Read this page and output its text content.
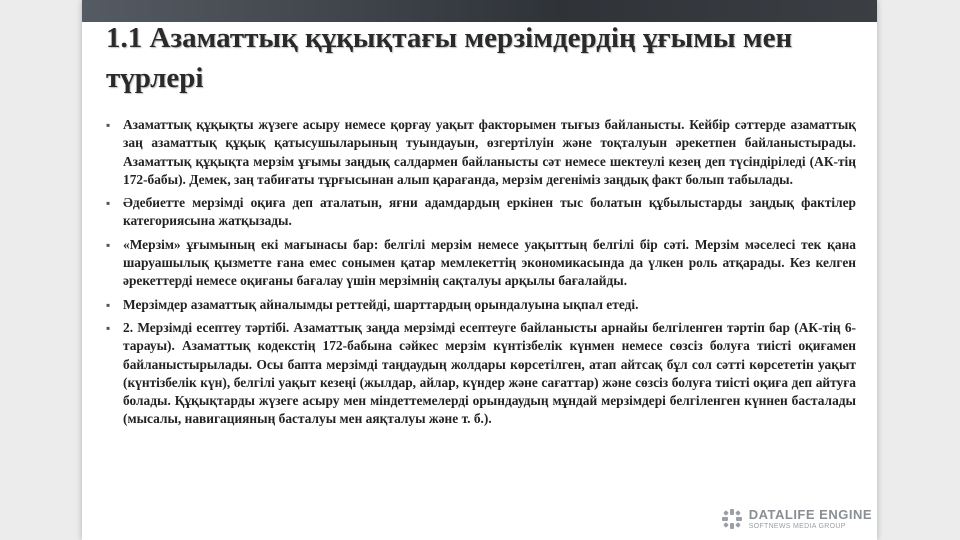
1.1 Азаматтық құқықтағы мерзімдердің ұғымы мен түрлері
▪ Азаматтық құқықты жүзеге асыру немесе қорғау уақыт факторымен тығыз байланысты. Кейбір сәттерде азаматтық заң азаматтық құқық қатысушыларының туындауын, өзгертілуін және тоқталуын әрекетпен байланыстырады. Азаматтық құқықта мерзім ұғымы заңдық салдармен байланысты сәт немесе шектеулі кезең деп түсіндіріледі (АК-тің 172-бабы). Демек, заң табиғаты тұрғысынан алып қарағанда, мерзім дегеніміз заңдық факт болып табылады.
▪ Әдебиетте мерзімді оқиға деп аталатын, яғни адамдардың еркінен тыс болатын құбылыстарды заңдық фактілер категориясына жатқызады.
▪ «Мерзім» ұғымының екі мағынасы бар: белгілі мерзім немесе уақыттың белгілі бір сәті. Мерзім мәселесі тек қана шаруашылық қызметте ғана емес сонымен қатар мемлекеттің экономикасында да үлкен роль атқарады. Кез келген әрекеттерді немесе оқиғаны бағалау үшін мерзімнің сақталуы арқылы бағалайды.
▪ Мерзімдер азаматтық айналымды реттейді, шарттардың орындалуына ықпал етеді.
▪ 2. Мерзімді есептеу тәртібі. Азаматтық заңда мерзімді есептеуге байланысты арнайы белгіленген тәртіп бар (АК-тің 6-тарауы). Азаматтық кодекстің 172-бабына сәйкес мерзім күнтізбелік күнмен немесе сөзсіз болуға тиісті оқиғамен байланыстырылады. Осы бапта мерзімді таңдаудың жолдары көрсетілген, атап айтсақ бұл сол сәтті көрсететін уақыт (күнтізбелік күн), белгілі уақыт кезеңі (жылдар, айлар, күндер және сағаттар) және сөзсіз болуға тиісті оқиға деп айтуға болады. Құқықтарды жүзеге асыру мен міндеттемелерді орындаудың мұндай мерзімдері белгіленген күннен басталады (мысалы, навигацияның басталуы мен аяқталуы және т. б.).
DATALIFE ENGINE
SOFTNEWS MEDIA GROUP
